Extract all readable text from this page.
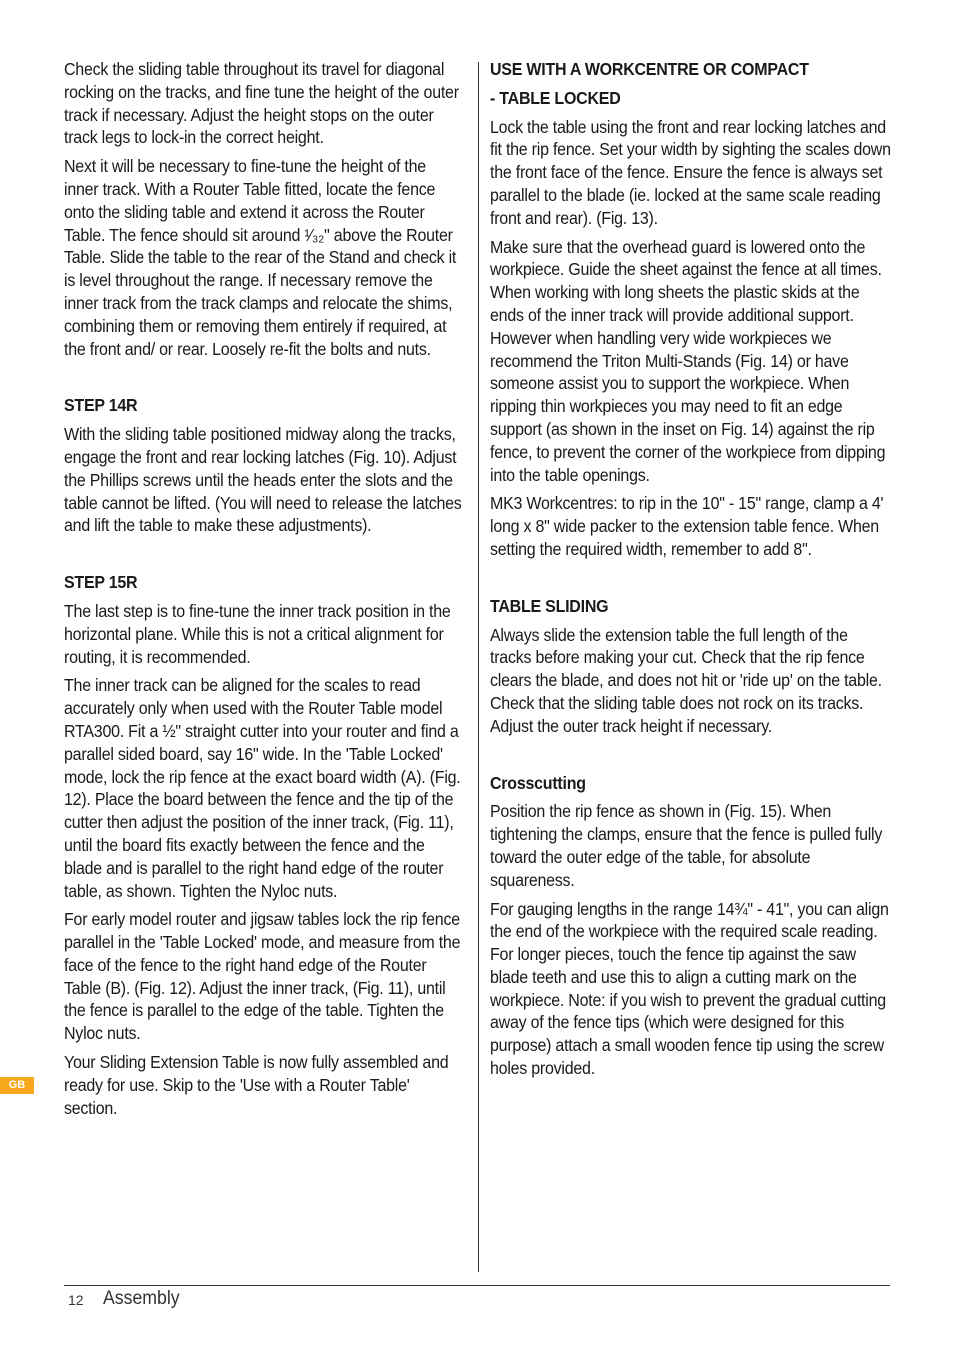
Check the sliding table throughout its travel for diagonal rocking on the tracks, and fine tune the height of the outer track if necessary. Adjust the height stops on the outer track legs to lock-in the correct height.

Next it will be necessary to fine-tune the height of the inner track. With a Router Table fitted, locate the fence onto the sliding table and extend it across the Router Table. The fence should sit around ¹⁄₃₂" above the Router Table. Slide the table to the rear of the Stand and check it is level throughout the range. If necessary remove the inner track from the track clamps and relocate the shims, combining them or removing them entirely if required, at the front and/ or rear. Loosely re-fit the bolts and nuts.

STEP 14R

With the sliding table positioned midway along the tracks, engage the front and rear locking latches (Fig. 10). Adjust the Phillips screws until the heads enter the slots and the table cannot be lifted. (You will need to release the latches and lift the table to make these adjustments).

STEP 15R

The last step is to fine-tune the inner track position in the horizontal plane. While this is not a critical alignment for routing, it is recommended.

The inner track can be aligned for the scales to read accurately only when used with the Router Table model RTA300. Fit a ½" straight cutter into your router and find a parallel sided board, say 16" wide. In the 'Table Locked' mode, lock the rip fence at the exact board width (A). (Fig. 12). Place the board between the fence and the tip of the cutter then adjust the position of the inner track, (Fig. 11), until the board fits exactly between the fence and the blade and is parallel to the right hand edge of the router table, as shown. Tighten the Nyloc nuts.

For early model router and jigsaw tables lock the rip fence parallel in the 'Table Locked' mode, and measure from the face of the fence to the right hand edge of the Router Table (B). (Fig. 12). Adjust the inner track, (Fig. 11), until the fence is parallel to the edge of the table. Tighten the Nyloc nuts.

Your Sliding Extension Table is now fully assembled and ready for use. Skip to the 'Use with a Router Table' section.

USE WITH A WORKCENTRE OR COMPACT
- TABLE LOCKED

Lock the table using the front and rear locking latches and fit the rip fence. Set your width by sighting the scales down the front face of the fence. Ensure the fence is always set parallel to the blade (ie. locked at the same scale reading front and rear). (Fig. 13).

Make sure that the overhead guard is lowered onto the workpiece. Guide the sheet against the fence at all times. When working with long sheets the plastic skids at the ends of the inner track will provide additional support. However when handling very wide workpieces we recommend the Triton Multi-Stands (Fig. 14) or have someone assist you to support the workpiece. When ripping thin workpieces you may need to fit an edge support (as shown in the inset on Fig. 14) against the rip fence, to prevent the corner of the workpiece from dipping into the table openings.

MK3 Workcentres: to rip in the 10" - 15" range, clamp a 4' long x 8" wide packer to the extension table fence. When setting the required width, remember to add 8".

TABLE SLIDING

Always slide the extension table the full length of the tracks before making your cut. Check that the rip fence clears the blade, and does not hit or 'ride up' on the table. Check that the sliding table does not rock on its tracks. Adjust the outer track height if necessary.

Crosscutting

Position the rip fence as shown in (Fig. 15). When tightening the clamps, ensure that the fence is pulled fully toward the outer edge of the table, for absolute squareness.

For gauging lengths in the range 14¾" - 41", you can align the end of the workpiece with the required scale reading. For longer pieces, touch the fence tip against the saw blade teeth and use this to align a cutting mark on the workpiece. Note: if you wish to prevent the gradual cutting away of the fence tips (which were designed for this purpose) attach a small wooden fence tip using the screw holes provided.

GB
12 Assembly
